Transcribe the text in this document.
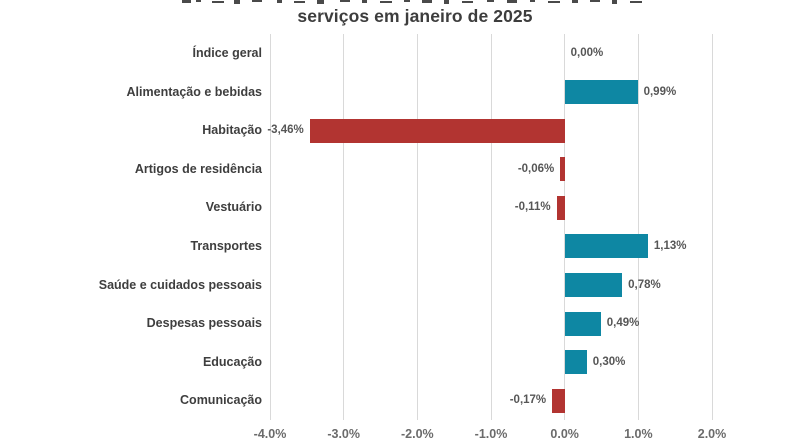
serviços em janeiro de 2025
-4.0%	-3.0%	-2.0%	-1.0%	0.0%	1.0%	2.0%
Índice geral	0,00%
Alimentação e bebidas	0,99%
Habitação -3,46%
Artigos de residência	-0,06%
Vestuário	-0,11%
Transportes	1,13%
Saúde e cuidados pessoais	0,78%
Despesas pessoais	0,49%
Educação	0,30%
Comunicação	-0,17%
